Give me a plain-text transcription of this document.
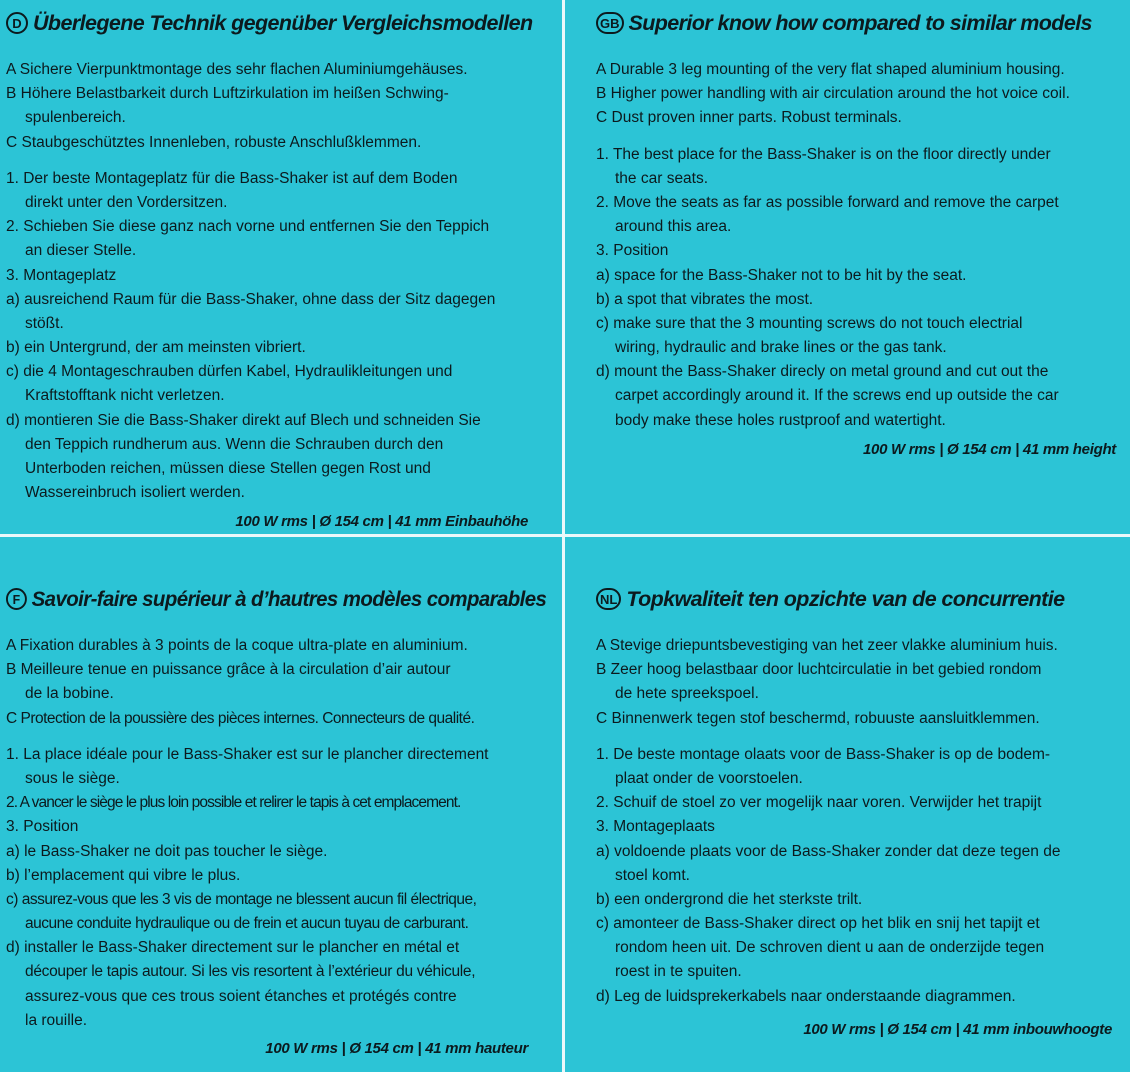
D Überlegene Technik gegenüber Vergleichsmodellen
A Sichere Vierpunktmontage des sehr flachen Aluminiumgehäuses.
B Höhere Belastbarkeit durch Luftzirkulation im heißen Schwing-
spulenbereich.
C Staubgeschütztes Innenleben, robuste Anschlußklemmen.
1. Der beste Montageplatz für die Bass-Shaker ist auf dem Boden
direkt unter den Vordersitzen.
2. Schieben Sie diese ganz nach vorne und entfernen Sie den Teppich
an dieser Stelle.
3. Montageplatz
a) ausreichend Raum für die Bass-Shaker, ohne dass der Sitz dagegen
stößt.
b) ein Untergrund, der am meinsten vibriert.
c) die 4 Montageschrauben dürfen Kabel, Hydraulikleitungen und
Kraftstofftank nicht verletzen.
d) montieren Sie die Bass-Shaker direkt auf Blech und schneiden Sie
den Teppich rundherum aus. Wenn die Schrauben durch den
Unterboden reichen, müssen diese Stellen gegen Rost und
Wassereinbruch isoliert werden.
100 W rms | Ø 154 cm | 41 mm Einbauhöhe
GB Superior know how compared to similar models
A Durable 3 leg mounting of the very flat shaped aluminium housing.
B Higher power handling with air circulation around the hot voice coil.
C Dust proven inner parts. Robust terminals.
1. The best place for the Bass-Shaker is on the floor directly under
the car seats.
2. Move the seats as far as possible forward and remove the carpet
around this area.
3. Position
a) space for the Bass-Shaker not to be hit by the seat.
b) a spot that vibrates the most.
c) make sure that the 3 mounting screws do not touch electrial
wiring, hydraulic and brake lines or the gas tank.
d) mount the Bass-Shaker direcly on metal ground and cut out the
carpet accordingly around it. If the screws end up outside the car
body make these holes rustproof and watertight.
100 W rms | Ø 154 cm | 41 mm height
F Savoir-faire supérieur à d’hautres modèles comparables
A Fixation durables à 3 points de la coque ultra-plate en aluminium.
B Meilleure tenue en puissance grâce à la circulation d’air autour
de la bobine.
C Protection de la poussière des pièces internes. Connecteurs de qualité.
1. La place idéale pour le Bass-Shaker est sur le plancher directement
sous le siège.
2. A vancer le siège le plus loin possible et relirer le tapis à cet emplacement.
3. Position
a) le Bass-Shaker ne doit pas toucher le siège.
b) l’emplacement qui vibre le plus.
c) assurez-vous que les 3 vis de montage ne blessent aucun fil électrique,
aucune conduite hydraulique ou de frein et aucun tuyau de carburant.
d) installer le Bass-Shaker directement sur le plancher en métal et
découper le tapis autour. Si les vis resortent à l’extérieur du véhicule,
assurez-vous que ces trous soient étanches et protégés contre
la rouille.
100 W rms | Ø 154 cm | 41 mm hauteur
NL Topkwaliteit ten opzichte van de concurrentie
A Stevige driepuntsbevestiging van het zeer vlakke aluminium huis.
B Zeer hoog belastbaar door luchtcirculatie in bet gebied rondom
de hete spreekspoel.
C Binnenwerk tegen stof beschermd, robuuste aansluitklemmen.
1. De beste montage olaats voor de Bass-Shaker is op de bodem-
plaat onder de voorstoelen.
2. Schuif de stoel zo ver mogelijk naar voren. Verwijder het trapijt
3. Montageplaats
a) voldoende plaats voor de Bass-Shaker zonder dat deze tegen de
stoel komt.
b) een ondergrond die het sterkste trilt.
c) amonteer de Bass-Shaker direct op het blik en snij het tapijt et
rondom heen uit. De schroven dient u aan de onderzijde tegen
roest in te spuiten.
d) Leg de luidsprekerkabels naar onderstaande diagrammen.
100 W rms | Ø 154 cm | 41 mm inbouwhoogte
